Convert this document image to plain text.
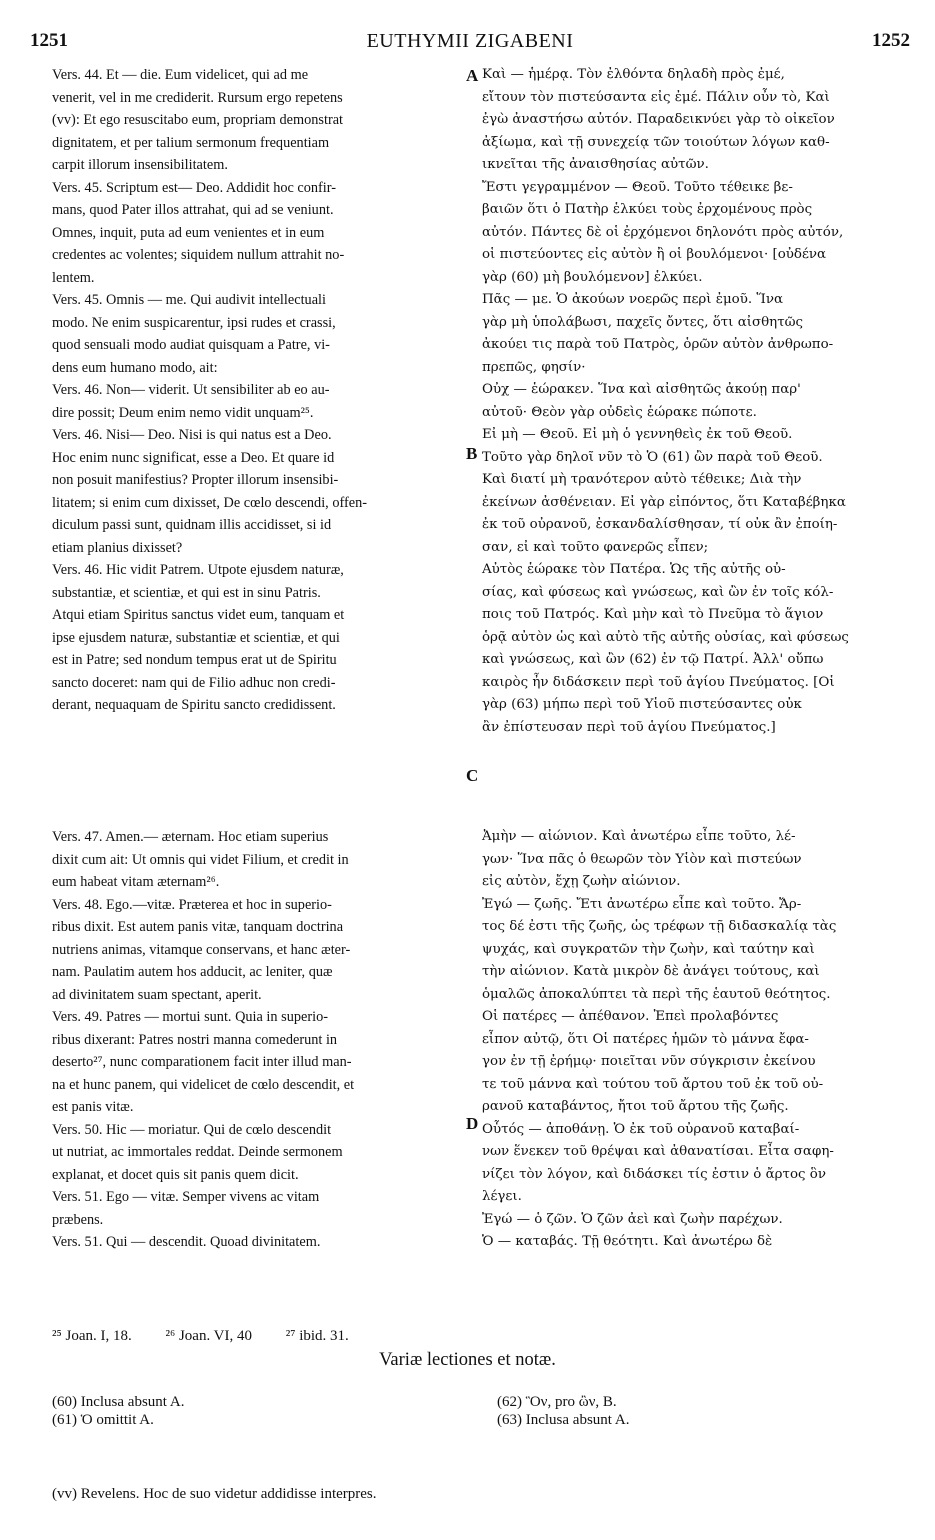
1251	EUTHYMII ZIGABENI	1252
Vers. 44. Et — die. Eum videlicet, qui ad me
venerit, vel in me crediderit. Rursum ergo repetens
(vv): Et ego resuscitabo eum, propriam demonstrat
dignitatem, et per talium sermonum frequentiam
carpit illorum insensibilitatem.
Vers. 45. Scriptum est— Deo. Addidit hoc confir-
mans, quod Pater illos attrahat, qui ad se veniunt.
Omnes, inquit, puta ad eum venientes et in eum
credentes ac volentes; siquidem nullum attrahit no-
lentem.
Vers. 45. Omnis — me. Qui audivit intellectuali
modo. Ne enim suspicarentur, ipsi rudes et crassi,
quod sensuali modo audiat quisquam a Patre, vi-
dens eum humano modo, ait:
Vers. 46. Non— viderit. Ut sensibiliter ab eo au-
dire possit; Deum enim nemo vidit unquam²⁵.
Vers. 46. Nisi— Deo. Nisi is qui natus est a Deo.
Hoc enim nunc significat, esse a Deo. Et quare id
non posuit manifestius? Propter illorum insensibi-
litatem; si enim cum dixisset, De cœlo descendi, offen-
diculum passi sunt, quidnam illis accidisset, si id
etiam planius dixisset?
Vers. 46. Hic vidit Patrem. Utpote ejusdem naturæ,
substantiæ, et scientiæ, et qui est in sinu Patris.
Atqui etiam Spiritus sanctus videt eum, tanquam et
ipse ejusdem naturæ, substantiæ et scientiæ, et qui
est in Patre; sed nondum tempus erat ut de Spiritu
sancto doceret: nam qui de Filio adhuc non credi-
derant, nequaquam de Spiritu sancto credidissent.
Καὶ — ἡμέρᾳ. Τὸν ἐλθόντα δηλαδὴ πρὸς ἐμέ,
εἴτουν τὸν πιστεύσαντα εἰς ἐμέ. Πάλιν οὖν τὸ, Καὶ
ἐγὼ ἀναστήσω αὐτόν. Παραδεικνύει γὰρ τὸ οἰκεῖον
ἀξίωμα, καὶ τῇ συνεχείᾳ τῶν τοιούτων λόγων καθ-
ικνεῖται τῆς ἀναισθησίας αὐτῶν.
Ἔστι γεγραμμένον — Θεοῦ. Τοῦτο τέθεικε βε-
βαιῶν ὅτι ὁ Πατὴρ ἑλκύει τοὺς ἐρχομένους πρὸς
αὐτόν. Πάντες δὲ οἱ ἐρχόμενοι δηλονότι πρὸς αὐτόν,
οἱ πιστεύοντες εἰς αὐτὸν ἢ οἱ βουλόμενοι· [οὐδένα
γὰρ (60) μὴ βουλόμενον] ἑλκύει.
Πᾶς — με. Ὁ ἀκούων νοερῶς περὶ ἐμοῦ. Ἵνα
γὰρ μὴ ὑπολάβωσι, παχεῖς ὄντες, ὅτι αἰσθητῶς
ἀκούει τις παρὰ τοῦ Πατρὸς, ὁρῶν αὐτὸν ἀνθρωπο-
πρεπῶς, φησίν·
Οὐχ — ἑώρακεν. Ἵνα καὶ αἰσθητῶς ἀκούῃ παρ'
αὐτοῦ· Θεὸν γὰρ οὐδεὶς ἑώρακε πώποτε.
Εἰ μὴ — Θεοῦ. Εἰ μὴ ὁ γεννηθεὶς ἐκ τοῦ Θεοῦ.
Τοῦτο γὰρ δηλοῖ νῦν τὸ Ὁ (61) ὢν παρὰ τοῦ Θεοῦ.
Καὶ διατί μὴ τρανότερον αὐτὸ τέθεικε; Διὰ τὴν
ἐκείνων ἀσθένειαν. Εἰ γὰρ εἰπόντος, ὅτι Καταβέβηκα
ἐκ τοῦ οὐρανοῦ, ἐσκανδαλίσθησαν, τί οὐκ ἂν ἐποίη-
σαν, εἰ καὶ τοῦτο φανερῶς εἶπεν;
Αὐτὸς ἑώρακε τὸν Πατέρα. Ὡς τῆς αὐτῆς οὐ-
σίας, καὶ φύσεως καὶ γνώσεως, καὶ ὢν ἐν τοῖς κόλ-
ποις τοῦ Πατρός. Καὶ μὴν καὶ τὸ Πνεῦμα τὸ ἅγιον
ὁρᾷ αὐτὸν ὡς καὶ αὐτὸ τῆς αὐτῆς οὐσίας, καὶ φύσεως
καὶ γνώσεως, καὶ ὢν (62) ἐν τῷ Πατρί. Ἀλλ' οὔπω
καιρὸς ἦν διδάσκειν περὶ τοῦ ἁγίου Πνεύματος. [Οἱ
γὰρ (63) μήπω περὶ τοῦ Υἱοῦ πιστεύσαντες οὐκ
ἂν ἐπίστευσαν περὶ τοῦ ἁγίου Πνεύματος.]
A
B
C
D
Vers. 47. Amen.— æternam. Hoc etiam superius
dixit cum ait: Ut omnis qui videt Filium, et credit in
eum habeat vitam æternam²⁶.
Vers. 48. Ego.—vitæ. Præterea et hoc in superio-
ribus dixit. Est autem panis vitæ, tanquam doctrina
nutriens animas, vitamque conservans, et hanc æter-
nam. Paulatim autem hos adducit, ac leniter, quæ
ad divinitatem suam spectant, aperit.
Vers. 49. Patres — mortui sunt. Quia in superio-
ribus dixerant: Patres nostri manna comederunt in
deserto²⁷, nunc comparationem facit inter illud man-
na et hunc panem, qui videlicet de cœlo descendit, et
est panis vitæ.
Vers. 50. Hic — moriatur. Qui de cœlo descendit
ut nutriat, ac immortales reddat. Deinde sermonem
explanat, et docet quis sit panis quem dicit.
Vers. 51. Ego — vitæ. Semper vivens ac vitam
præbens.
Vers. 51. Qui — descendit. Quoad divinitatem.
Ἀμὴν — αἰώνιον. Καὶ ἀνωτέρω εἶπε τοῦτο, λέ-
γων· Ἵνα πᾶς ὁ θεωρῶν τὸν Υἱὸν καὶ πιστεύων
εἰς αὐτὸν, ἔχῃ ζωὴν αἰώνιον.
Ἐγώ — ζωῆς. Ἔτι ἀνωτέρω εἶπε καὶ τοῦτο. Ἄρ-
τος δέ ἐστι τῆς ζωῆς, ὡς τρέφων τῇ διδασκαλίᾳ τὰς
ψυχάς, καὶ συγκρατῶν τὴν ζωὴν, καὶ ταύτην καὶ
τὴν αἰώνιον. Κατὰ μικρὸν δὲ ἀνάγει τούτους, καὶ
ὁμαλῶς ἀποκαλύπτει τὰ περὶ τῆς ἑαυτοῦ θεότητος.
Οἱ πατέρες — ἀπέθανον. Ἐπεὶ προλαβόντες
εἶπον αὐτῷ, ὅτι Οἱ πατέρες ἡμῶν τὸ μάννα ἔφα-
γον ἐν τῇ ἐρήμῳ· ποιεῖται νῦν σύγκρισιν ἐκείνου
τε τοῦ μάννα καὶ τούτου τοῦ ἄρτου τοῦ ἐκ τοῦ οὐ-
ρανοῦ καταβάντος, ἤτοι τοῦ ἄρτου τῆς ζωῆς.
Οὗτός — ἀποθάνῃ. Ὁ ἐκ τοῦ οὐρανοῦ καταβαί-
νων ἕνεκεν τοῦ θρέψαι καὶ ἀθανατίσαι. Εἶτα σαφη-
νίζει τὸν λόγον, καὶ διδάσκει τίς ἐστιν ὁ ἄρτος ὃν
λέγει.
Ἐγώ — ὁ ζῶν. Ὁ ζῶν ἀεὶ καὶ ζωὴν παρέχων.
Ὁ — καταβάς. Τῇ θεότητι. Καὶ ἀνωτέρω δὲ
²⁵ Joan. I, 18. ²⁶ Joan. VI, 40 ²⁷ ibid. 31.
Variæ lectiones et notæ.
(60) Inclusa absunt A.
(61) Ὁ omittit A.
(62) Ὃν, pro ὢν, B.
(63) Inclusa absunt A.
(vv) Revelens. Hoc de suo videtur addidisse interpres.
